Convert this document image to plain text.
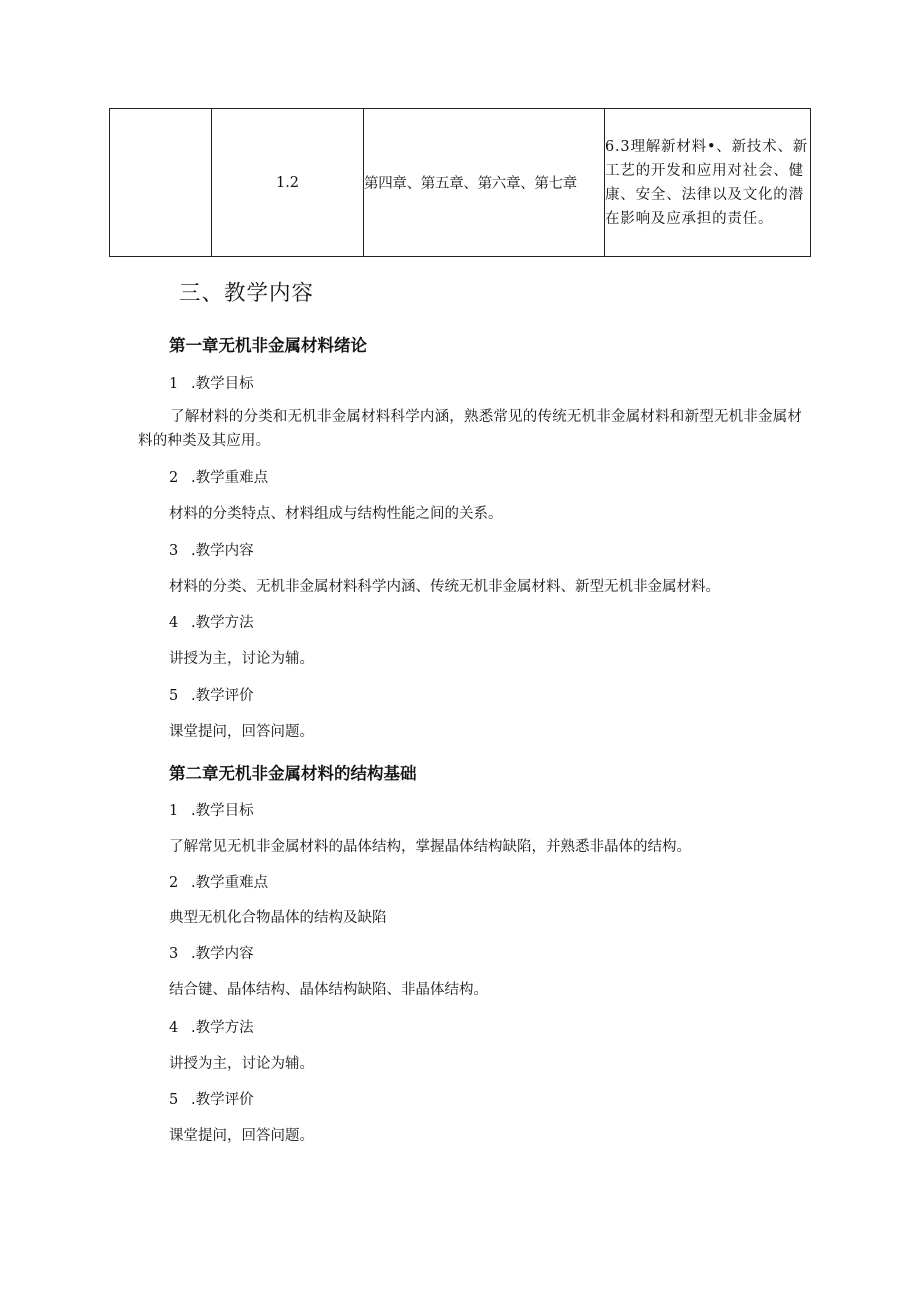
	1.2	第四章、第五章、第六章、第七章	6.3理解新材料•、新技术、新工艺的开发和应用对社会、健康、安全、法律以及文化的潜在影响及应承担的责任。
三、教学内容
第一章无机非金属材料绪论
1 .教学目标
了解材料的分类和无机非金属材料科学内涵，熟悉常见的传统无机非金属材料和新型无机非金属材料的种类及其应用。
2 .教学重难点
材料的分类特点、材料组成与结构性能之间的关系。
3 .教学内容
材料的分类、无机非金属材料科学内涵、传统无机非金属材料、新型无机非金属材料。
4 .教学方法
讲授为主，讨论为辅。
5 .教学评价
课堂提问，回答问题。
第二章无机非金属材料的结构基础
1 .教学目标
了解常见无机非金属材料的晶体结构，掌握晶体结构缺陷，并熟悉非晶体的结构。
2 .教学重难点
典型无机化合物晶体的结构及缺陷
3 .教学内容
结合键、晶体结构、晶体结构缺陷、非晶体结构。
4 .教学方法
讲授为主，讨论为辅。
5 .教学评价
课堂提问，回答问题。
